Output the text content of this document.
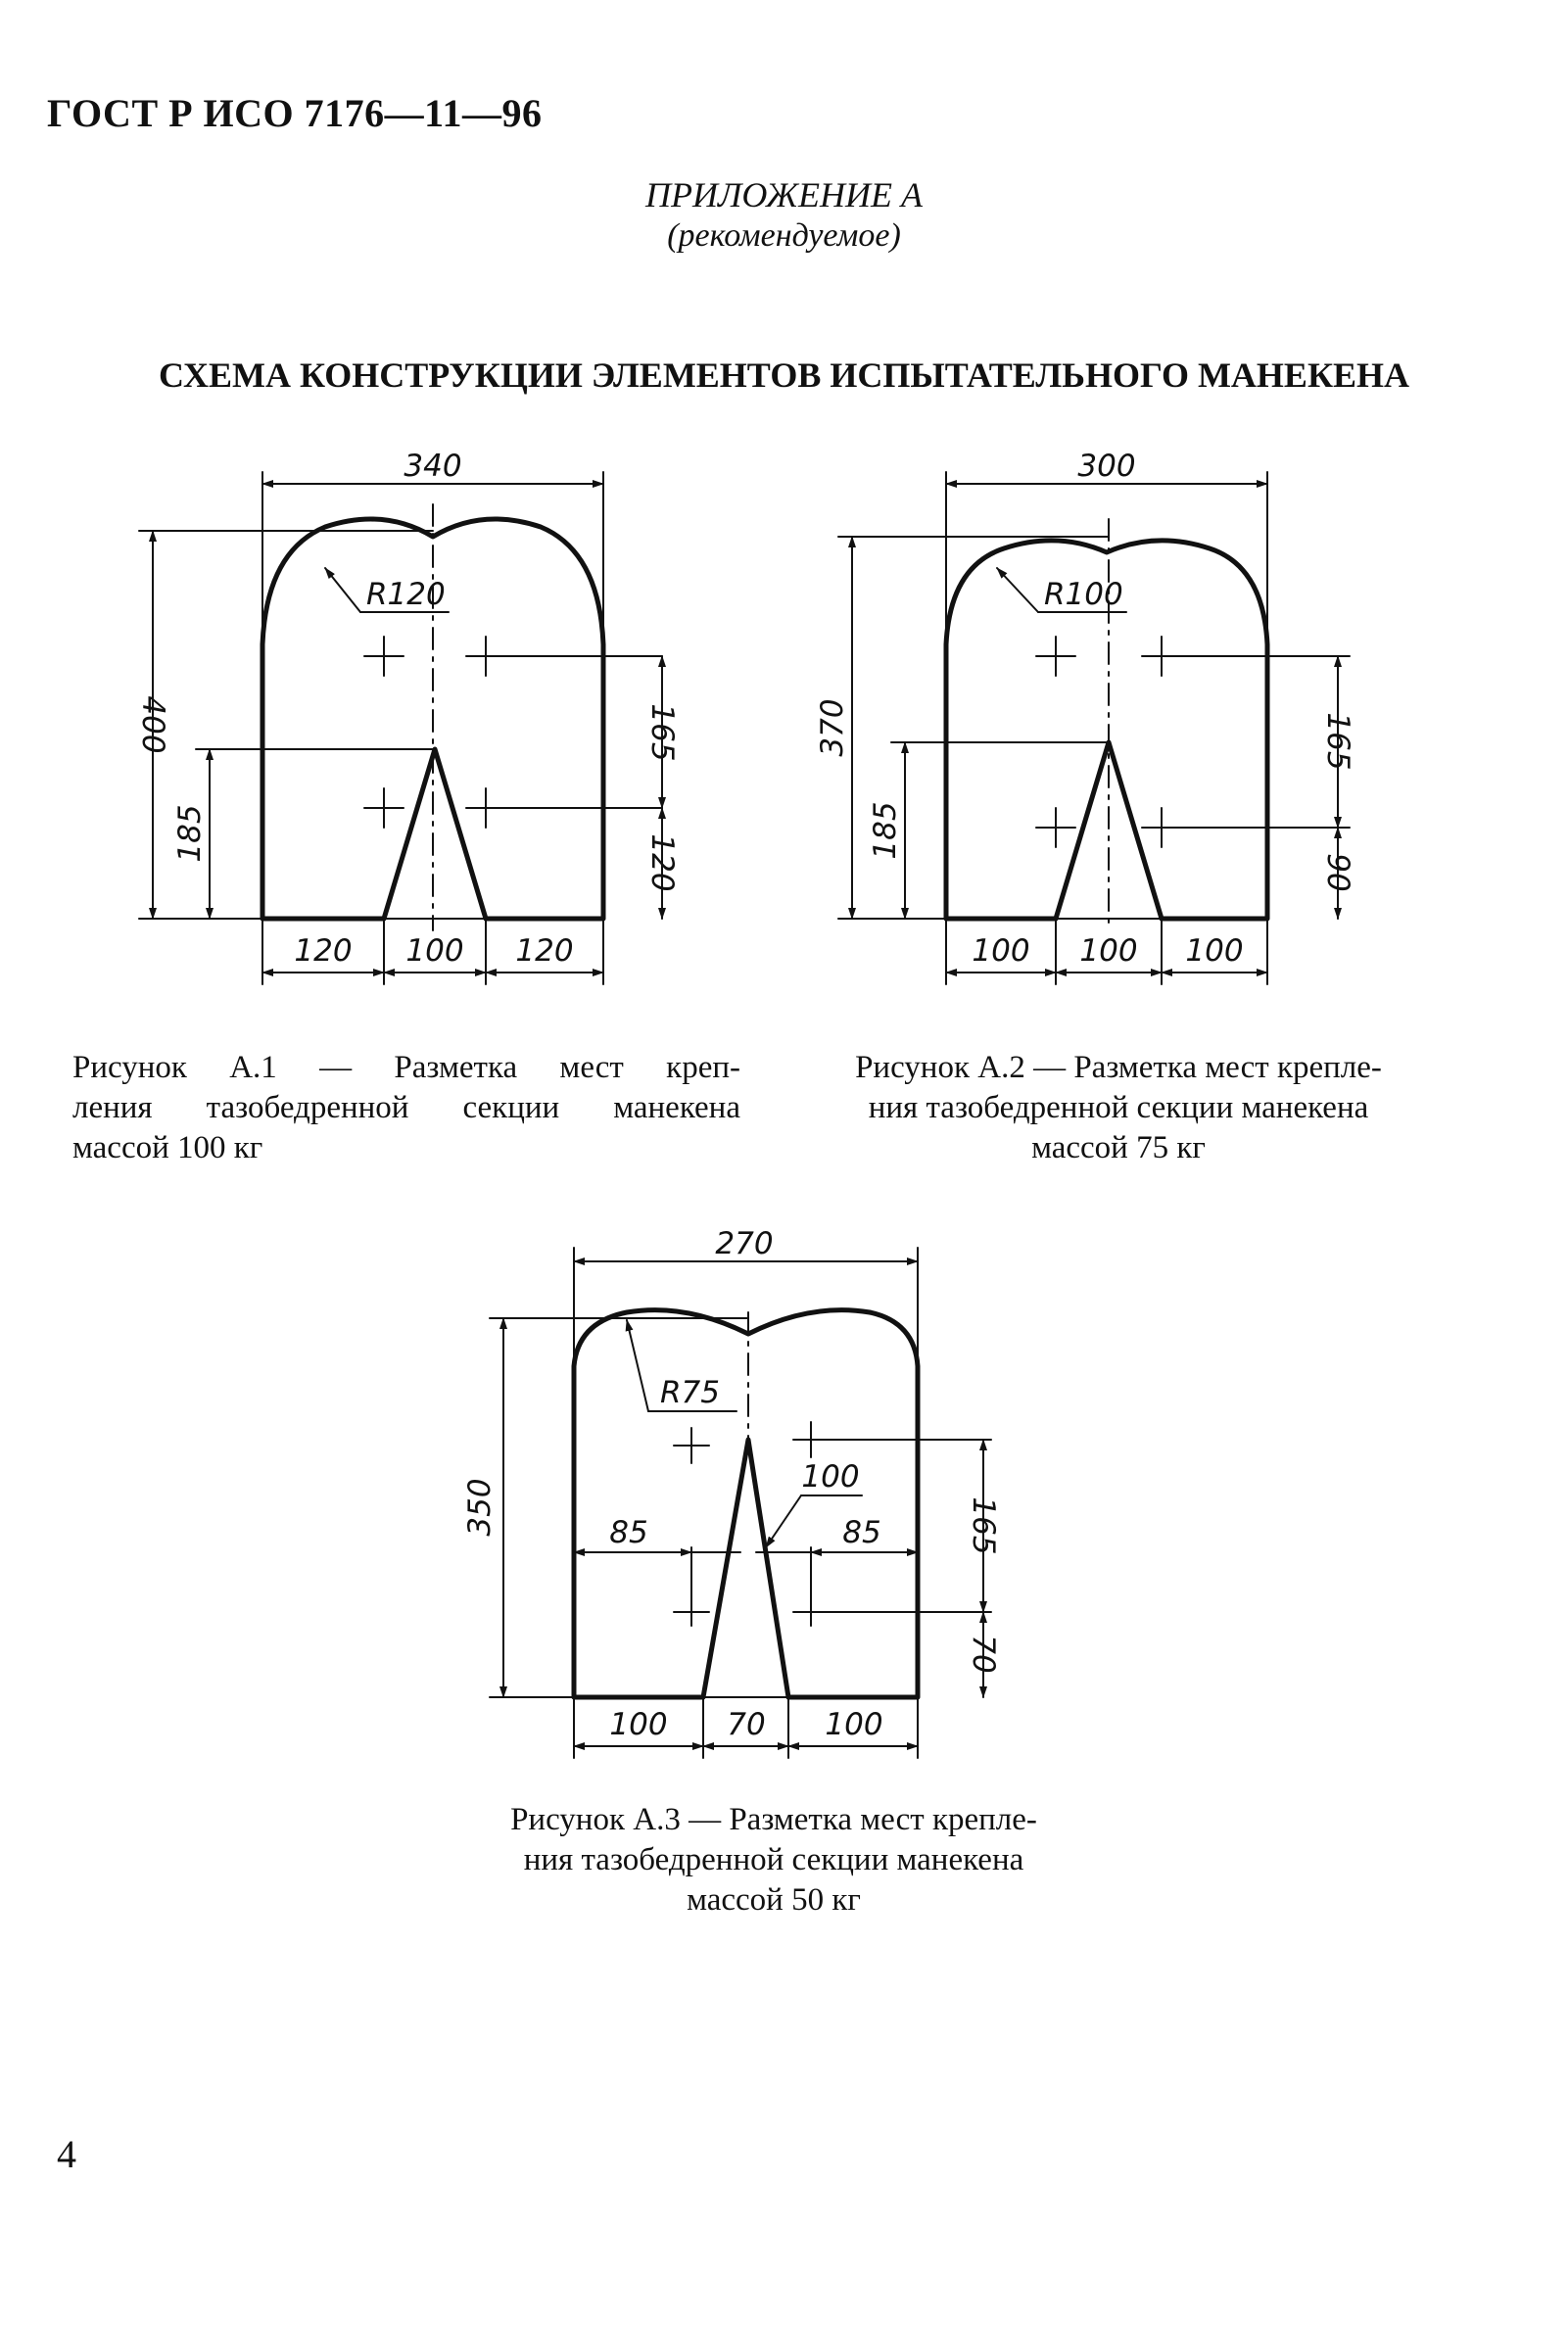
ГОСТ Р ИСО 7176—11—96
ПРИЛОЖЕНИЕ А
(рекомендуемое)
СХЕМА КОНСТРУКЦИИ ЭЛЕМЕНТОВ ИСПЫТАТЕЛЬНОГО МАНЕКЕНА
340
R120
400
185
165
120
120 100 120
300
R100
370
185
165
90
100 100 100
270
R75
350
100
85	85	165
70
100 70 100
Рисунок А.1 — Разметка мест креп-
ления тазобедренной секции манекена
массой 100 кг
Рисунок А.2 — Разметка мест крепле-
ния тазобедренной секции манекена
массой 75 кг
Рисунок А.3 — Разметка мест крепле-
ния тазобедренной секции манекена
массой 50 кг
4
